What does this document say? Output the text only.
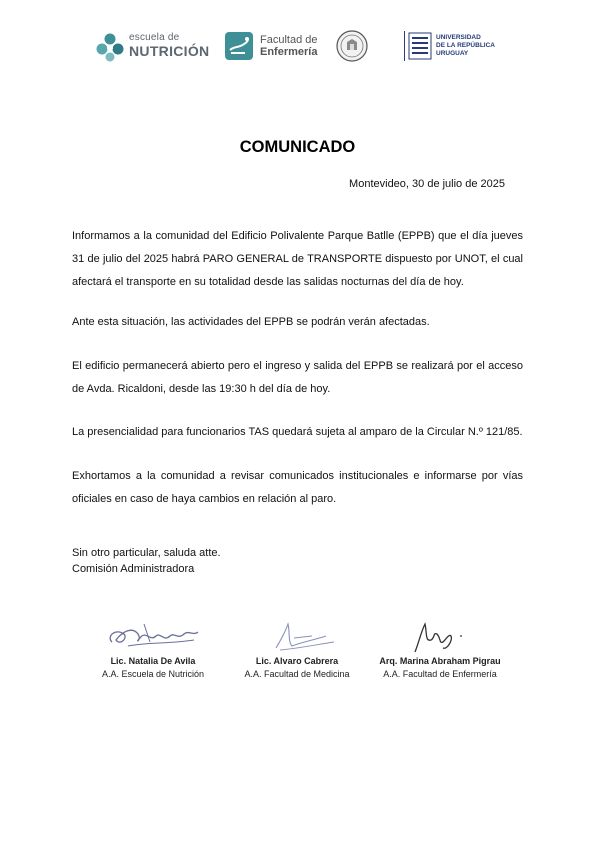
escuela de
NUTRICIÓN
Facultad de
Enfermería
UNIVERSIDAD
DE LA REPÚBLICA
URUGUAY
COMUNICADO
Montevideo, 30 de julio de 2025

Informamos a la comunidad del Edificio Polivalente Parque Batlle (EPPB) que el día jueves 31 de julio del 2025 habrá PARO GENERAL de TRANSPORTE dispuesto por UNOT, el cual afectará el transporte en su totalidad desde las salidas nocturnas del día de hoy.

Ante esta situación, las actividades del EPPB se podrán verán afectadas.

El edificio permanecerá abierto pero el ingreso y salida del EPPB se realizará por el acceso de Avda. Ricaldoni, desde las 19:30 h del día de hoy.

La presencialidad para funcionarios TAS quedará sujeta al amparo de la Circular N.º 121/85.

Exhortamos a la comunidad a revisar comunicados institucionales e informarse por vías oficiales en caso de haya cambios en relación al paro.

Sin otro particular, saluda atte.
Comisión Administradora
Lic. Natalia De Avila
A.A. Escuela de Nutrición
Lic. Alvaro Cabrera
A.A. Facultad de Medicina
Arq. Marina Abraham Pigrau
A.A. Facultad de Enfermería
